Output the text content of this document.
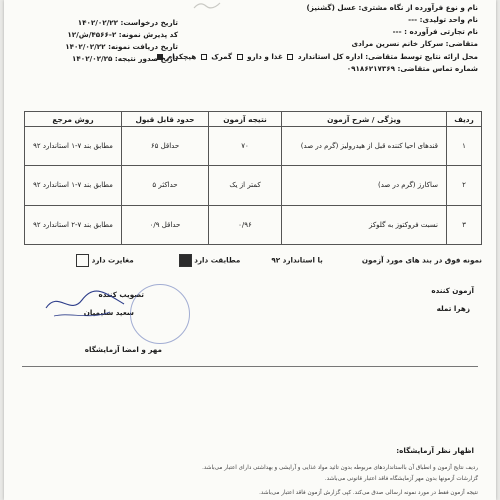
نام و نوع فرآورده از نگاه مشتری: عسل (گشنیز)
نام واحد تولیدی: ---
نام تجارتی فرآورده : ---
متقاضی: سرکار خانم نسرین مرادی
محل ارائه نتایج توسط متقاضی: اداره کل استاندارد  غذا و دارو  گمرک  هیچکدام
شماره تماس متقاضی: ۰۹۱۸۶۲۱۷۳۶۹
تاریخ درخواست: ۱۴۰۲/۰۲/۲۲
کد پذیرش نمونه: ۲-۴۵۶۶/ش/۱۲
تاریخ دریافت نمونه: ۱۴۰۲/۰۲/۲۲
تاریخ صدور نتیجه: ۱۴۰۲/۰۲/۲۵
ردیف	ویژگی / شرح آزمون	نتیجه آزمون	حدود قابل قبول	روش مرجع
۱	قندهای احیا کننده قبل از هیدرولیز (گرم در صد)	۷۰	حداقل ۶۵	مطابق بند ۷-۱ استاندارد ۹۲
۲	ساکارز (گرم در صد)	کمتر از یک	حداکثر ۵	مطابق بند ۷-۱ استاندارد ۹۲
۳	نسبت فروکتوز به گلوکز	۰/۹۶	حداقل ۰/۹	مطابق بند ۷-۲ استاندارد ۹۲
نمونه فوق در بند های مورد آزمون  با استاندارد ۹۲  مطابقت دارد   مغایرت دارد
آزمون کننده
زهرا تمله
تصویب کننده
سعید سلیمیان
مهر و امضا آزمایشگاه
اظهار نظر آزمایشگاه:
ردیف نتایج آزمون و انطباق آن بااستانداردهای مربوطه بدون تائید مواد غذایی و آرایشی و بهداشتی دارای اعتبار می‌باشد.
گزارشات آزمونها بدون مهر آزمایشگاه فاقد اعتبار قانونی می‌باشد.
نتیجه آزمون فقط در مورد نمونه ارسالی صدق می‌کند. کپی گزارش آزمون فاقد اعتبار می‌باشد.
